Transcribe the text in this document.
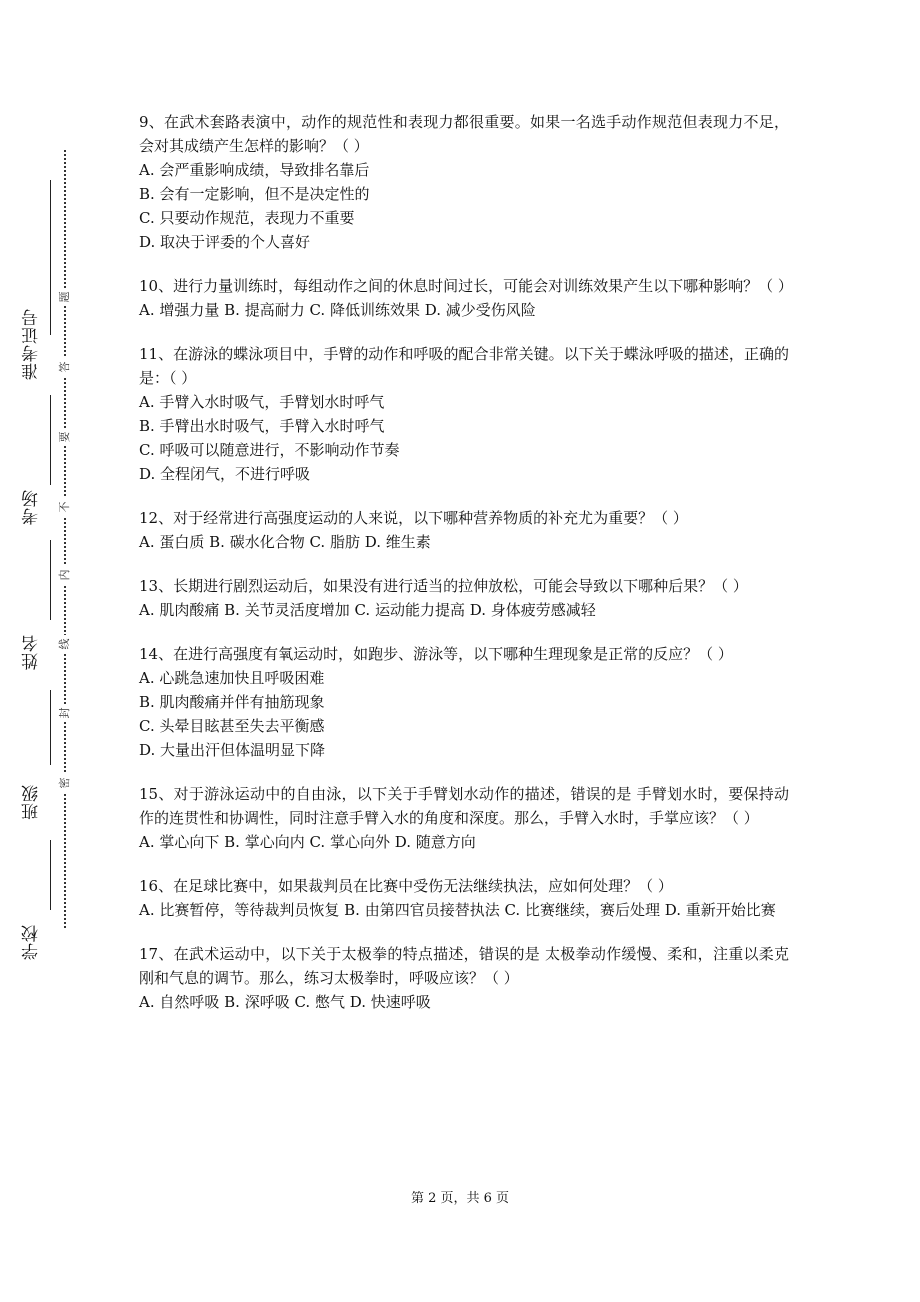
准考证号
考场
姓名
班级
学校
题
答
要
不
内
线
封
密

9、在武术套路表演中，动作的规范性和表现力都很重要。如果一名选手动作规范但表现力不足，会对其成绩产生怎样的影响？（ ）

A. 会严重影响成绩，导致排名靠后

B. 会有一定影响，但不是决定性的

C. 只要动作规范，表现力不重要

D. 取决于评委的个人喜好

10、进行力量训练时，每组动作之间的休息时间过长，可能会对训练效果产生以下哪种影响？（ ）

A. 增强力量 B. 提高耐力 C. 降低训练效果 D. 减少受伤风险

11、在游泳的蝶泳项目中，手臂的动作和呼吸的配合非常关键。以下关于蝶泳呼吸的描述，正确的是：（ ）

A. 手臂入水时吸气，手臂划水时呼气

B. 手臂出水时吸气，手臂入水时呼气

C. 呼吸可以随意进行，不影响动作节奏

D. 全程闭气，不进行呼吸

12、对于经常进行高强度运动的人来说，以下哪种营养物质的补充尤为重要？（ ）

A. 蛋白质 B. 碳水化合物 C. 脂肪 D. 维生素

13、长期进行剧烈运动后，如果没有进行适当的拉伸放松，可能会导致以下哪种后果？（ ）

A. 肌肉酸痛 B. 关节灵活度增加 C. 运动能力提高 D. 身体疲劳感减轻

14、在进行高强度有氧运动时，如跑步、游泳等，以下哪种生理现象是正常的反应？（ ）

A. 心跳急速加快且呼吸困难

B. 肌肉酸痛并伴有抽筋现象

C. 头晕目眩甚至失去平衡感

D. 大量出汗但体温明显下降

15、对于游泳运动中的自由泳，以下关于手臂划水动作的描述，错误的是 手臂划水时，要保持动作的连贯性和协调性，同时注意手臂入水的角度和深度。那么，手臂入水时，手掌应该？（ ）

A. 掌心向下 B. 掌心向内 C. 掌心向外 D. 随意方向

16、在足球比赛中，如果裁判员在比赛中受伤无法继续执法，应如何处理？（ ）

A. 比赛暂停，等待裁判员恢复 B. 由第四官员接替执法 C. 比赛继续，赛后处理 D. 重新开始比赛

17、在武术运动中，以下关于太极拳的特点描述，错误的是 太极拳动作缓慢、柔和，注重以柔克刚和气息的调节。那么，练习太极拳时，呼吸应该？（ ）

A. 自然呼吸 B. 深呼吸 C. 憋气 D. 快速呼吸

第 2 页，共 6 页
